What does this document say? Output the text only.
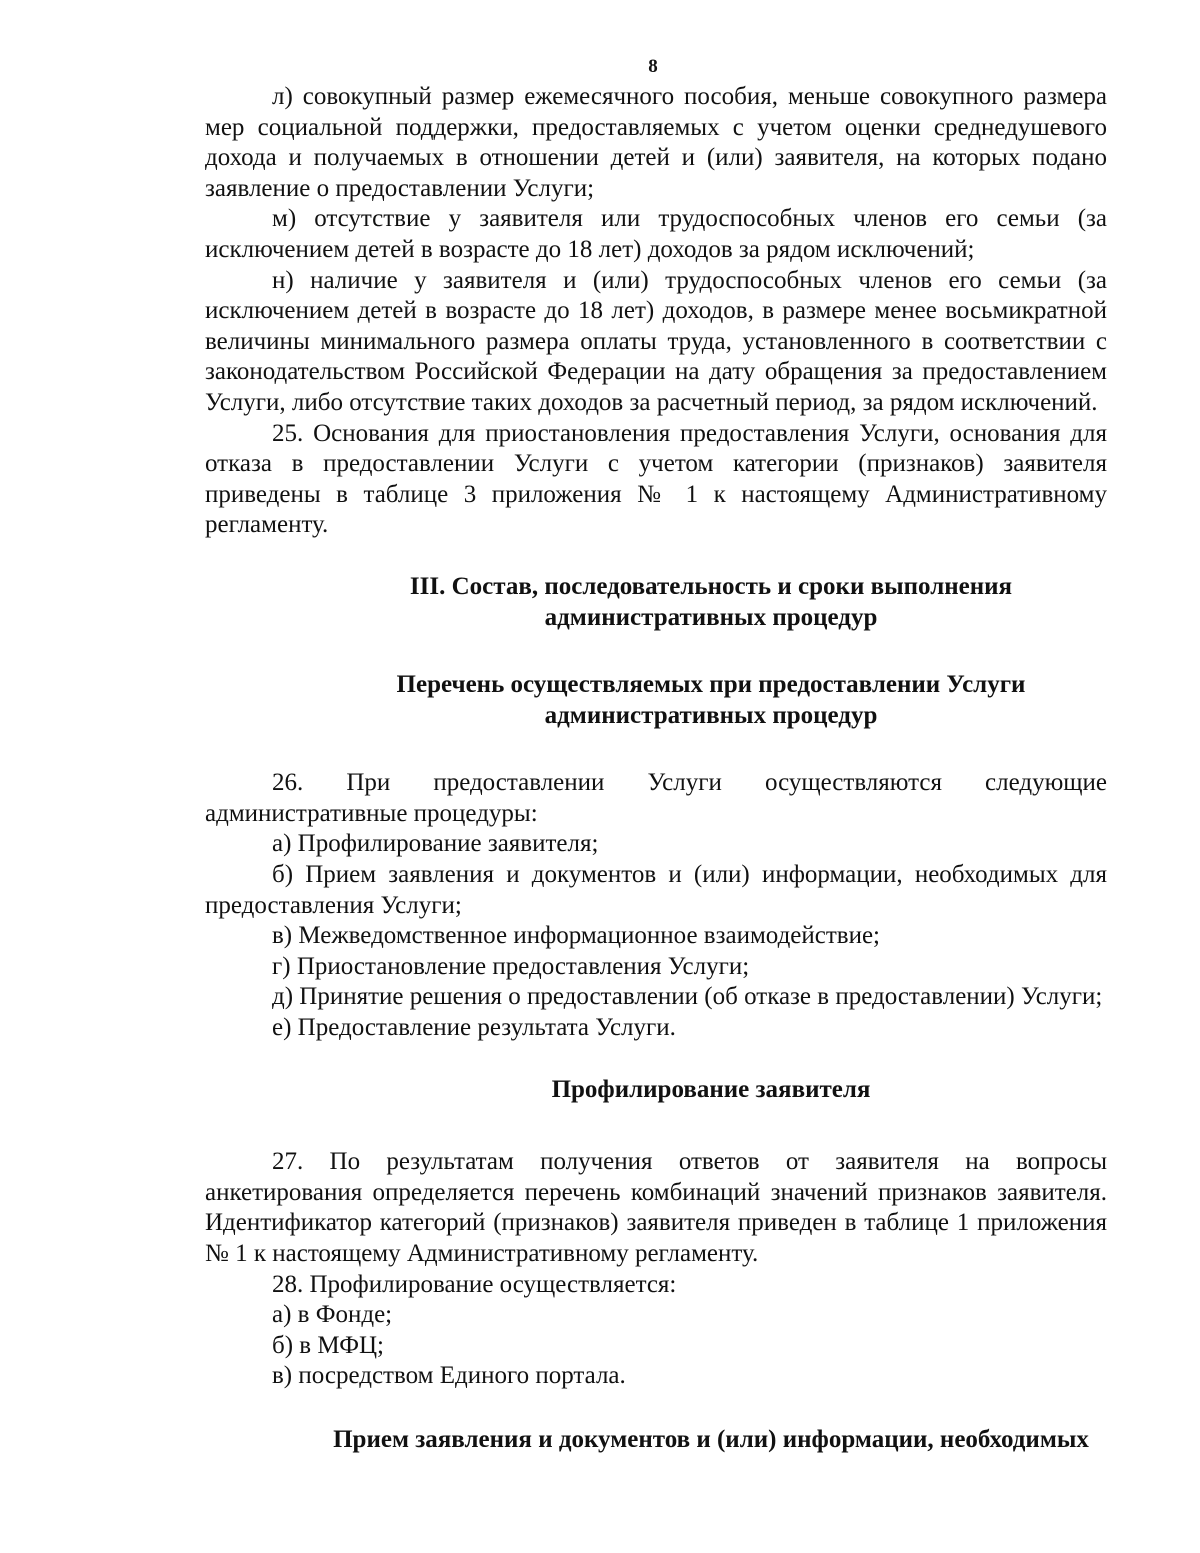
8

л) совокупный размер ежемесячного пособия, меньше совокупного размера мер социальной поддержки, предоставляемых с учетом оценки среднедушевого дохода и получаемых в отношении детей и (или) заявителя, на которых подано заявление о предоставлении Услуги;

м) отсутствие у заявителя или трудоспособных членов его семьи (за исключением детей в возрасте до 18 лет) доходов за рядом исключений;

н) наличие у заявителя и (или) трудоспособных членов его семьи (за исключением детей в возрасте до 18 лет) доходов, в размере менее восьмикратной величины минимального размера оплаты труда, установленного в соответствии с законодательством Российской Федерации на дату обращения за предоставлением Услуги, либо отсутствие таких доходов за расчетный период, за рядом исключений.

25. Основания для приостановления предоставления Услуги, основания для отказа в предоставлении Услуги с учетом категории (признаков) заявителя приведены в таблице 3 приложения № 1 к настоящему Административному регламенту.

III. Состав, последовательность и сроки выполнения
административных процедур
Перечень осуществляемых при предоставлении Услуги
административных процедур

26. При предоставлении Услуги осуществляются следующие административные процедуры:

а) Профилирование заявителя;

б) Прием заявления и документов и (или) информации, необходимых для предоставления Услуги;

в) Межведомственное информационное взаимодействие;

г) Приостановление предоставления Услуги;

д) Принятие решения о предоставлении (об отказе в предоставлении) Услуги;

е) Предоставление результата Услуги.

Профилирование заявителя

27. По результатам получения ответов от заявителя на вопросы анкетирования определяется перечень комбинаций значений признаков заявителя. Идентификатор категорий (признаков) заявителя приведен в таблице 1 приложения № 1 к настоящему Административному регламенту.

28. Профилирование осуществляется:

а) в Фонде;

б) в МФЦ;

в) посредством Единого портала.

Прием заявления и документов и (или) информации, необходимых
